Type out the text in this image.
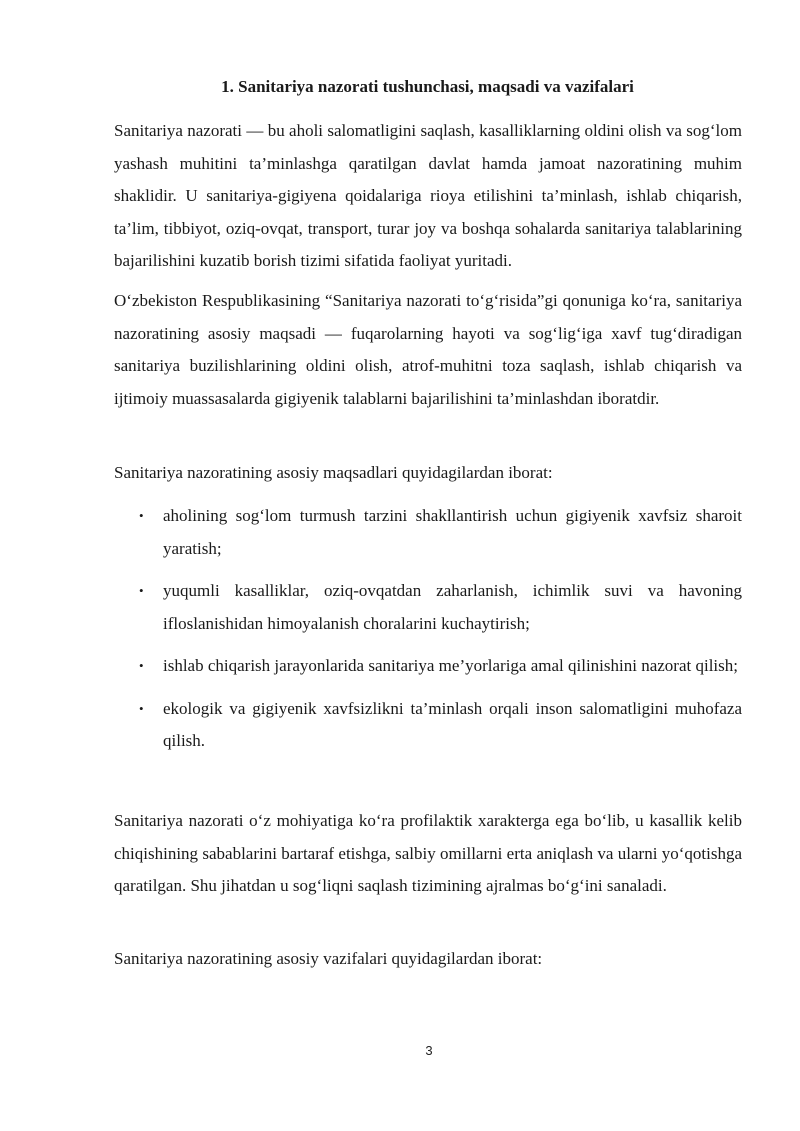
1. Sanitariya nazorati tushunchasi, maqsadi va vazifalari

Sanitariya nazorati — bu aholi salomatligini saqlash, kasalliklarning oldini olish va sog‘lom yashash muhitini ta’minlashga qaratilgan davlat hamda jamoat nazoratining muhim shaklidir. U sanitariya-gigiyena qoidalariga rioya etilishini ta’minlash, ishlab chiqarish, ta’lim, tibbiyot, oziq-ovqat, transport, turar joy va boshqa sohalarda sanitariya talablarining bajarilishini kuzatib borish tizimi sifatida faoliyat yuritadi.

O‘zbekiston Respublikasining “Sanitariya nazorati to‘g‘risida”gi qonuniga ko‘ra, sanitariya nazoratining asosiy maqsadi — fuqarolarning hayoti va sog‘lig‘iga xavf tug‘diradigan sanitariya buzilishlarining oldini olish, atrof-muhitni toza saqlash, ishlab chiqarish va ijtimoiy muassasalarda gigiyenik talablarni bajarilishini ta’minlashdan iboratdir.

Sanitariya nazoratining asosiy maqsadlari quyidagilardan iborat:

• aholining sog‘lom turmush tarzini shakllantirish uchun gigiyenik xavfsiz sharoit yaratish;
• yuqumli kasalliklar, oziq-ovqatdan zaharlanish, ichimlik suvi va havoning ifloslanishidan himoyalanish choralarini kuchaytirish;
• ishlab chiqarish jarayonlarida sanitariya me’yorlariga amal qilinishini nazorat qilish;
• ekologik va gigiyenik xavfsizlikni ta’minlash orqali inson salomatligini muhofaza qilish.

Sanitariya nazorati o‘z mohiyatiga ko‘ra profilaktik xarakterga ega bo‘lib, u kasallik kelib chiqishining sabablarini bartaraf etishga, salbiy omillarni erta aniqlash va ularni yo‘qotishga qaratilgan. Shu jihatdan u sog‘liqni saqlash tizimining ajralmas bo‘g‘ini sanaladi.

Sanitariya nazoratining asosiy vazifalari quyidagilardan iborat:

3
